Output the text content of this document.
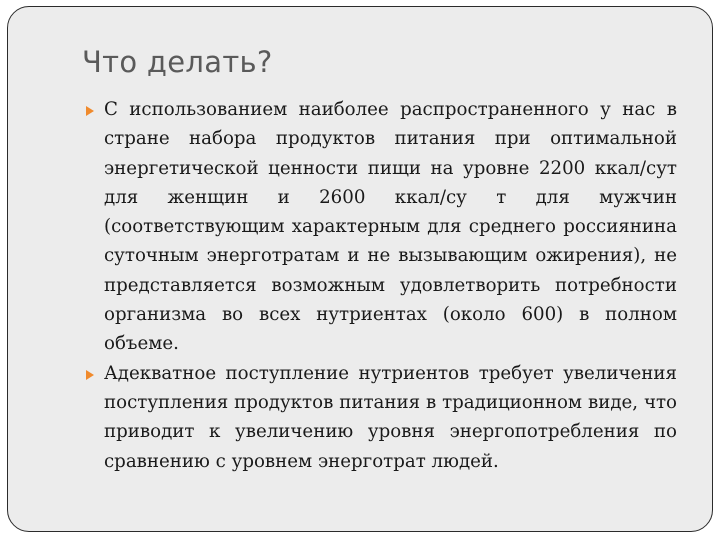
Что делать?
С использованием наиболее распространенного у нас в стране набора продуктов питания при оптимальной энергетической ценности пищи на уровне 2200 ккал/сут для женщин и 2600 ккал/су т для мужчин (соответствующим характерным для среднего россиянина суточным энерготратам и не вызывающим ожирения), не представляется возможным удовлетворить потребности организма во всех нутриентах (около 600) в полном объеме.
Адекватное поступление нутриентов требует увеличения поступления продуктов питания в традиционном виде, что приводит к увеличению уровня энергопотребления по сравнению с уровнем энерготрат людей.
